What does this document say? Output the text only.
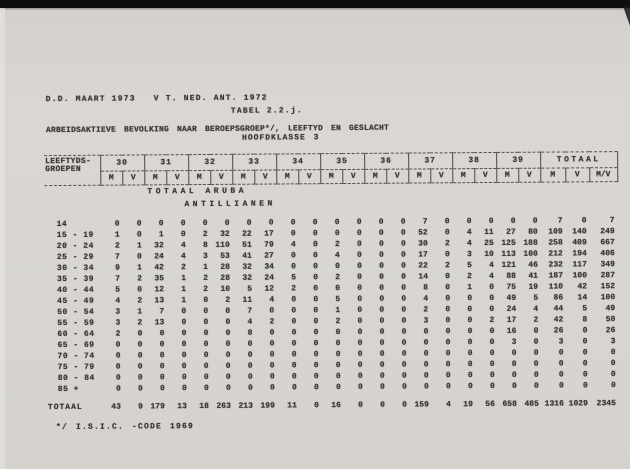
D.D. MAART 1973   V T. NED. ANT. 1972
TABEL 2.2.j.
ARBEIDSAKTIEVE BEVOLKING NAAR BEROEPSGROEP*/, LEEFTYD EN GESLACHT
HOOFDKLASSE 3
*/ I.S.I.C. -CODE 1969
LEEFTYDS-
GROEPEN	30		31		32		33		34		35		36		37		38		39		TOTAAL		
	M	V	M	V	M	V	M	V	M	V	M	V	M	V	M	V	M	V	M	V	M	V	M/V
TOTAAL ARUBA																							
ANTILLIANEN																							

14	0	0	0	0	0	0	0	0	0	0	0	0	0	0	7	0	0	0	0	0	7	0	7
15 - 19	1	0	1	0	2	32	22	17	0	0	0	0	0	0	52	0	4	11	27	80	109	140	249
20 - 24	2	1	32	4	8	110	51	79	4	0	2	0	0	0	30	2	4	25	125	188	258	409	667
25 - 29	7	0	24	4	3	53	41	27	0	0	4	0	0	0	17	0	3	10	113	100	212	194	406
30 - 34	9	1	42	2	1	28	32	34	0	0	0	0	0	0	22	2	5	4	121	46	232	117	349
35 - 39	7	2	35	1	2	28	32	24	5	0	2	0	0	0	14	0	2	4	88	41	187	100	287
40 - 44	5	0	12	1	2	10	5	12	2	0	0	0	0	0	8	0	1	0	75	19	110	42	152
45 - 49	4	2	13	1	0	2	11	4	0	0	5	0	0	0	4	0	0	0	49	5	86	14	100
50 - 54	3	1	7	0	0	0	7	0	0	0	1	0	0	0	2	0	0	0	24	4	44	5	49
55 - 59	3	2	13	0	0	0	4	2	0	0	2	0	0	0	3	0	0	2	17	2	42	8	50
60 - 64	2	0	0	0	0	0	8	0	0	0	0	0	0	0	0	0	0	0	16	0	26	0	26
65 - 69	0	0	0	0	0	0	0	0	0	0	0	0	0	0	0	0	0	0	3	0	3	0	3
70 - 74	0	0	0	0	0	0	0	0	0	0	0	0	0	0	0	0	0	0	0	0	0	0	0
75 - 79	0	0	0	0	0	0	0	0	0	0	0	0	0	0	0	0	0	0	0	0	0	0	0
80 - 84	0	0	0	0	0	0	0	0	0	0	0	0	0	0	0	0	0	0	0	0	0	0	0
85 +	0	0	0	0	0	0	0	0	0	0	0	0	0	0	0	0	0	0	0	0	0	0	0

TOTAAL	43	9	179	13	18	263	213	199	11	0	16	0	0	0	159	4	19	56	658	485	1316	1029	2345
